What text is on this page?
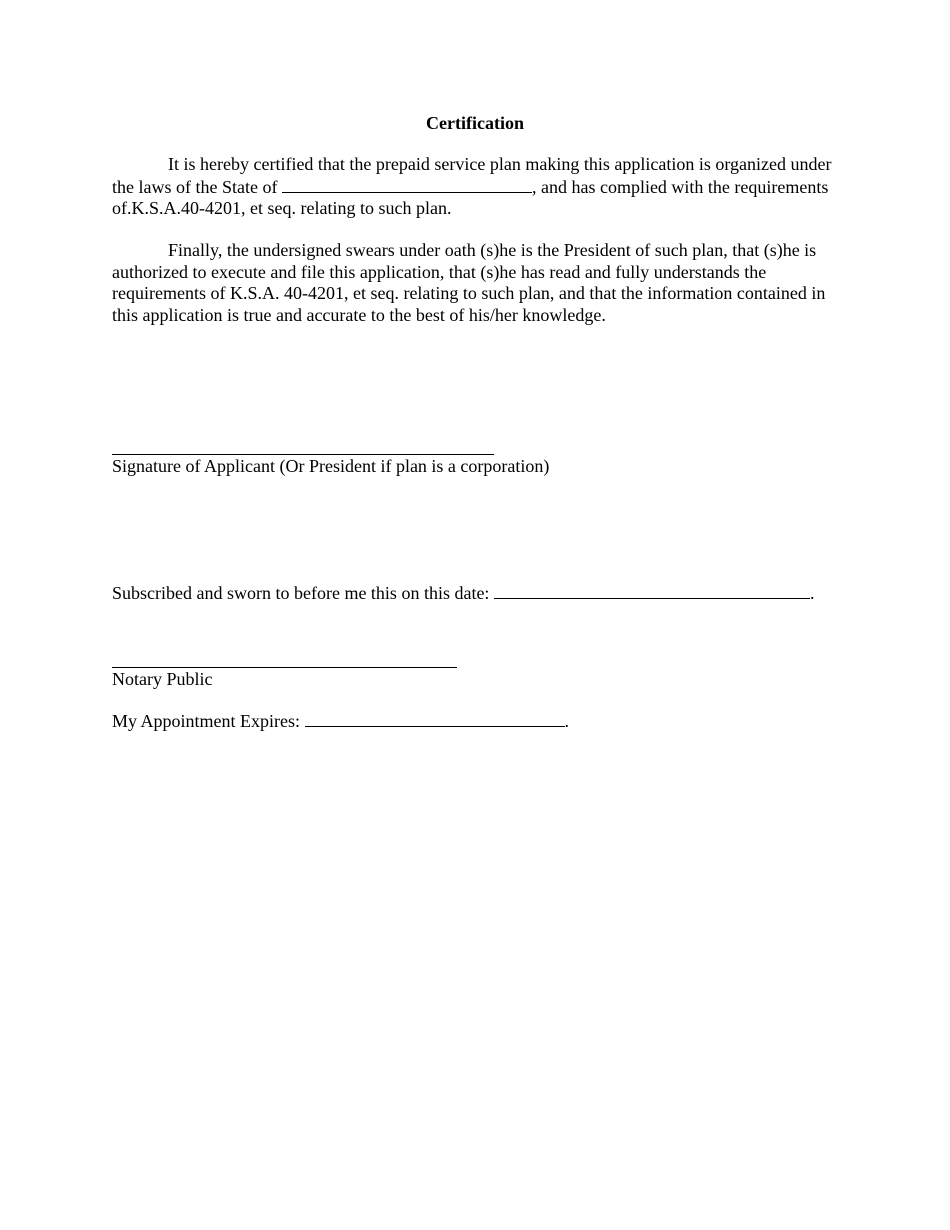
Certification

It is hereby certified that the prepaid service plan making this application is organized under the laws of the State of	, and has complied with the requirements of.K.S.A.40-4201, et seq. relating to such plan.

Finally, the undersigned swears under oath (s)he is the President of such plan, that (s)he is authorized to execute and file this application, that (s)he has read and fully understands the requirements of K.S.A. 40-4201, et seq. relating to such plan, and that the information contained in this application is true and accurate to the best of his/her knowledge.

Signature of Applicant (Or President if plan is a corporation)
Subscribed and sworn to before me this on this date:	.
Notary Public
My Appointment Expires:	.
